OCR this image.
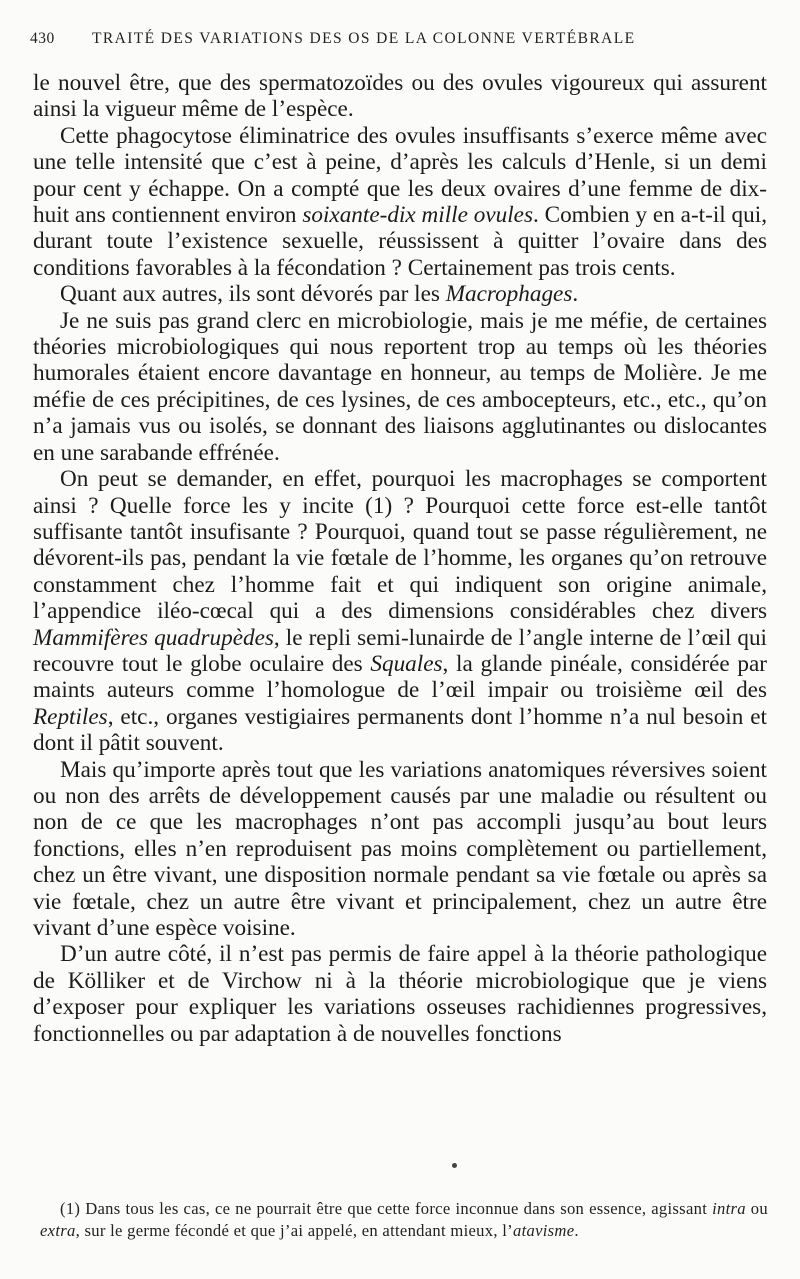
430 TRAITÉ DES VARIATIONS DES OS DE LA COLONNE VERTÉBRALE

le nouvel être, que des spermatozoïdes ou des ovules vigoureux qui assurent ainsi la vigueur même de l’espèce.

Cette phagocytose éliminatrice des ovules insuffisants s’exerce même avec une telle intensité que c’est à peine, d’après les calculs d’Henle, si un demi pour cent y échappe. On a compté que les deux ovaires d’une femme de dix-huit ans contiennent environ soixante-dix mille ovules. Combien y en a-t-il qui, durant toute l’existence sexuelle, réussissent à quitter l’ovaire dans des conditions favorables à la fécondation ? Certainement pas trois cents.

Quant aux autres, ils sont dévorés par les Macrophages.

Je ne suis pas grand clerc en microbiologie, mais je me méfie, de certaines théories microbiologiques qui nous reportent trop au temps où les théories humorales étaient encore davantage en honneur, au temps de Molière. Je me méfie de ces précipitines, de ces lysines, de ces ambocepteurs, etc., etc., qu’on n’a jamais vus ou isolés, se donnant des liaisons agglutinantes ou dislocantes en une sarabande effrénée.

On peut se demander, en effet, pourquoi les macrophages se comportent ainsi ? Quelle force les y incite (1) ? Pourquoi cette force est-elle tantôt suffisante tantôt insufisante ? Pourquoi, quand tout se passe régulièrement, ne dévorent-ils pas, pendant la vie fœtale de l’homme, les organes qu’on retrouve constamment chez l’homme fait et qui indiquent son origine animale, l’appendice iléo-cœcal qui a des dimensions considérables chez divers Mammifères quadrupèdes, le repli semi-lunairde de l’angle interne de l’œil qui recouvre tout le globe oculaire des Squales, la glande pinéale, considérée par maints auteurs comme l’homologue de l’œil impair ou troisième œil des Reptiles, etc., organes vestigiaires permanents dont l’homme n’a nul besoin et dont il pâtit souvent.

Mais qu’importe après tout que les variations anatomiques réversives soient ou non des arrêts de développement causés par une maladie ou résultent ou non de ce que les macrophages n’ont pas accompli jusqu’au bout leurs fonctions, elles n’en reproduisent pas moins complètement ou partiellement, chez un être vivant, une disposition normale pendant sa vie fœtale ou après sa vie fœtale, chez un autre être vivant et principalement, chez un autre être vivant d’une espèce voisine.

D’un autre côté, il n’est pas permis de faire appel à la théorie pathologique de Kölliker et de Virchow ni à la théorie microbiologique que je viens d’exposer pour expliquer les variations osseuses rachidiennes progressives, fonctionnelles ou par adaptation à de nouvelles fonctions

(1) Dans tous les cas, ce ne pourrait être que cette force inconnue dans son essence, agissant intra ou extra, sur le germe fécondé et que j’ai appelé, en attendant mieux, l’atavisme.
